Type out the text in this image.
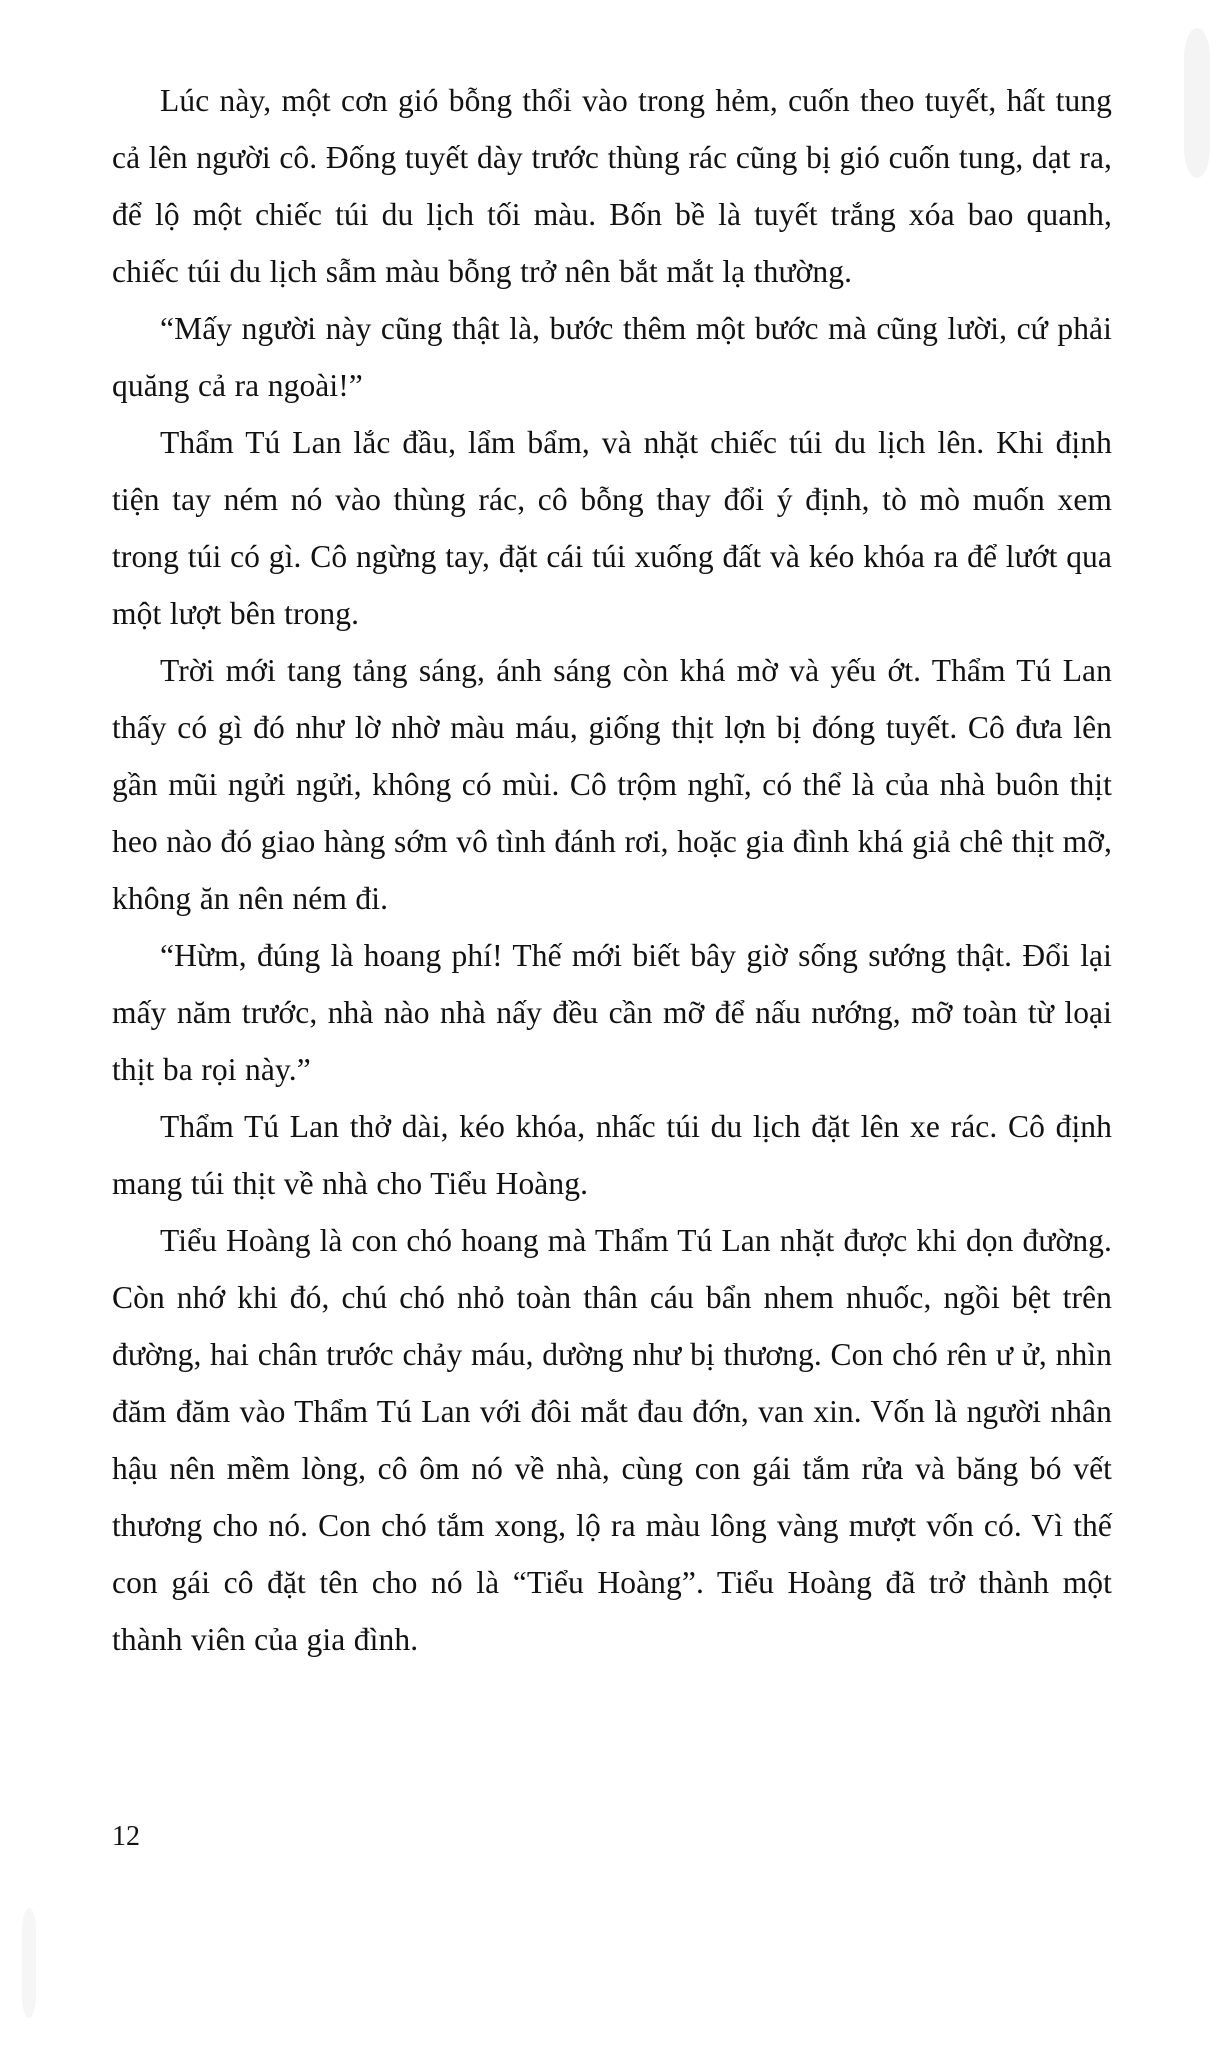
Lúc này, một cơn gió bỗng thổi vào trong hẻm, cuốn theo tuyết, hất tung cả lên người cô. Đống tuyết dày trước thùng rác cũng bị gió cuốn tung, dạt ra, để lộ một chiếc túi du lịch tối màu. Bốn bề là tuyết trắng xóa bao quanh, chiếc túi du lịch sẫm màu bỗng trở nên bắt mắt lạ thường.

“Mấy người này cũng thật là, bước thêm một bước mà cũng lười, cứ phải quăng cả ra ngoài!”

Thẩm Tú Lan lắc đầu, lẩm bẩm, và nhặt chiếc túi du lịch lên. Khi định tiện tay ném nó vào thùng rác, cô bỗng thay đổi ý định, tò mò muốn xem trong túi có gì. Cô ngừng tay, đặt cái túi xuống đất và kéo khóa ra để lướt qua một lượt bên trong.

Trời mới tang tảng sáng, ánh sáng còn khá mờ và yếu ớt. Thẩm Tú Lan thấy có gì đó như lờ nhờ màu máu, giống thịt lợn bị đóng tuyết. Cô đưa lên gần mũi ngửi ngửi, không có mùi. Cô trộm nghĩ, có thể là của nhà buôn thịt heo nào đó giao hàng sớm vô tình đánh rơi, hoặc gia đình khá giả chê thịt mỡ, không ăn nên ném đi.

“Hừm, đúng là hoang phí! Thế mới biết bây giờ sống sướng thật. Đổi lại mấy năm trước, nhà nào nhà nấy đều cần mỡ để nấu nướng, mỡ toàn từ loại thịt ba rọi này.”

Thẩm Tú Lan thở dài, kéo khóa, nhấc túi du lịch đặt lên xe rác. Cô định mang túi thịt về nhà cho Tiểu Hoàng.

Tiểu Hoàng là con chó hoang mà Thẩm Tú Lan nhặt được khi dọn đường. Còn nhớ khi đó, chú chó nhỏ toàn thân cáu bẩn nhem nhuốc, ngồi bệt trên đường, hai chân trước chảy máu, dường như bị thương. Con chó rên ư ử, nhìn đăm đăm vào Thẩm Tú Lan với đôi mắt đau đớn, van xin. Vốn là người nhân hậu nên mềm lòng, cô ôm nó về nhà, cùng con gái tắm rửa và băng bó vết thương cho nó. Con chó tắm xong, lộ ra màu lông vàng mượt vốn có. Vì thế con gái cô đặt tên cho nó là “Tiểu Hoàng”. Tiểu Hoàng đã trở thành một thành viên của gia đình.

12
